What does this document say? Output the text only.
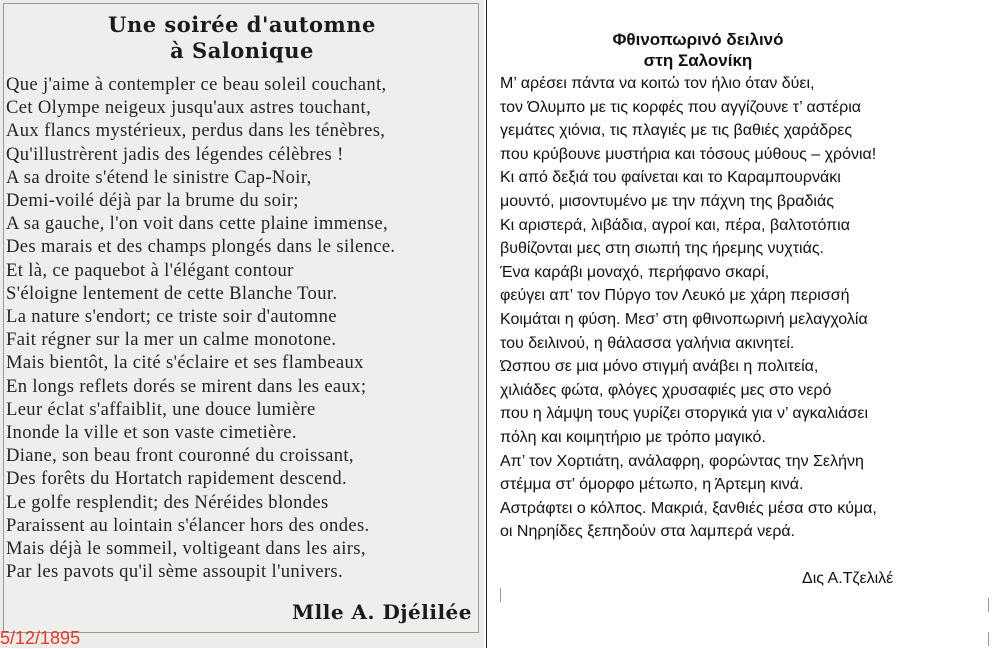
Une soirée d'automne
à Salonique
Que j'aime à contempler ce beau soleil couchant,
Cet Olympe neigeux jusqu'aux astres touchant,
Aux flancs mystérieux, perdus dans les ténèbres,
Qu'illustrèrent jadis des légendes célèbres !
A sa droite s'étend le sinistre Cap-Noir,
Demi-voilé déjà par la brume du soir;
A sa gauche, l'on voit dans cette plaine immense,
Des marais et des champs plongés dans le silence.
Et là, ce paquebot à l'élégant contour
S'éloigne lentement de cette Blanche Tour.
La nature s'endort; ce triste soir d'automne
Fait régner sur la mer un calme monotone.
Mais bientôt, la cité s'éclaire et ses flambeaux
En longs reflets dorés se mirent dans les eaux;
Leur éclat s'affaiblit, une douce lumière
Inonde la ville et son vaste cimetière.
Diane, son beau front couronné du croissant,
Des forêts du Hortatch rapidement descend.
Le golfe resplendit; des Néréides blondes
Paraissent au lointain s'élancer hors des ondes.
Mais déjà le sommeil, voltigeant dans les airs,
Par les pavots qu'il sème assoupit l'univers.
Mlle A. Djélilée
5/12/1895
Φθινοπωρινό δειλινό
στη Σαλονίκη
Μ’ αρέσει πάντα να κοιτώ τον ήλιο όταν δύει,
τον Όλυμπο με τις κορφές που αγγίζουνε τ’ αστέρια
γεμάτες χιόνια, τις πλαγιές με τις βαθιές χαράδρες
που κρύβουνε μυστήρια και τόσους μύθους – χρόνια!
Κι από δεξιά του φαίνεται και το Καραμπουρνάκι
μουντό, μισοντυμένο με την πάχνη της βραδιάς
Κι αριστερά, λιβάδια, αγροί και, πέρα, βαλτοτόπια
βυθίζονται μες στη σιωπή της ήρεμης νυχτιάς.
Ένα καράβι μοναχό, περήφανο σκαρί,
φεύγει απ’ τον Πύργο τον Λευκό με χάρη περισσή
Κοιμάται η φύση. Μεσ’ στη φθινοπωρινή μελαγχολία
του δειλινού, η θάλασσα γαλήνια ακινητεί.
Ώσπου σε μια μόνο στιγμή ανάβει η πολιτεία,
χιλιάδες φώτα, φλόγες χρυσαφιές μες στο νερό
που η λάμψη τους γυρίζει στοργικά για ν’ αγκαλιάσει
πόλη και κοιμητήριο με τρόπο μαγικό.
Απ’ τον Χορτιάτη, ανάλαφρη, φορώντας την Σελήνη
στέμμα στ’ όμορφο μέτωπο, η Άρτεμη κινά.
Αστράφτει ο κόλπος. Μακριά, ξανθιές μέσα στο κύμα,
οι Νηρηίδες ξεπηδούν στα λαμπερά νερά.
Δις Α.Τζελιλέ
